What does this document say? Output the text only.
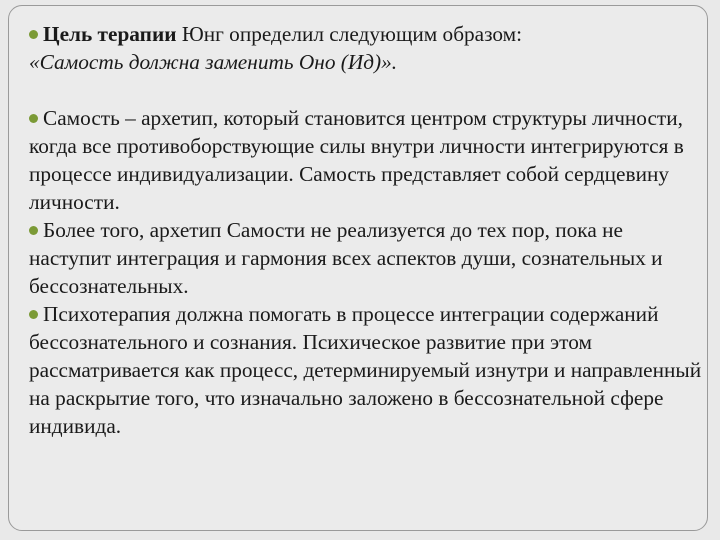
Цель терапии Юнг определил следующим образом:
«Самость должна заменить Оно (Ид)».

Самость – архетип, который становится центром структуры личности, когда все противоборствующие силы внутри личности интегрируются в процессе индивидуализации. Самость представляет собой сердцевину личности.

Более того, архетип Самости не реализуется до тех пор, пока не наступит интеграция и гармония всех аспектов души, сознательных и бессознательных.

Психотерапия должна помогать в процессе интеграции содержаний бессознательного и сознания. Психическое развитие при этом рассматривается как процесс, детерминируемый изнутри и направленный на раскрытие того, что изначально заложено в бессознательной сфере индивида.
